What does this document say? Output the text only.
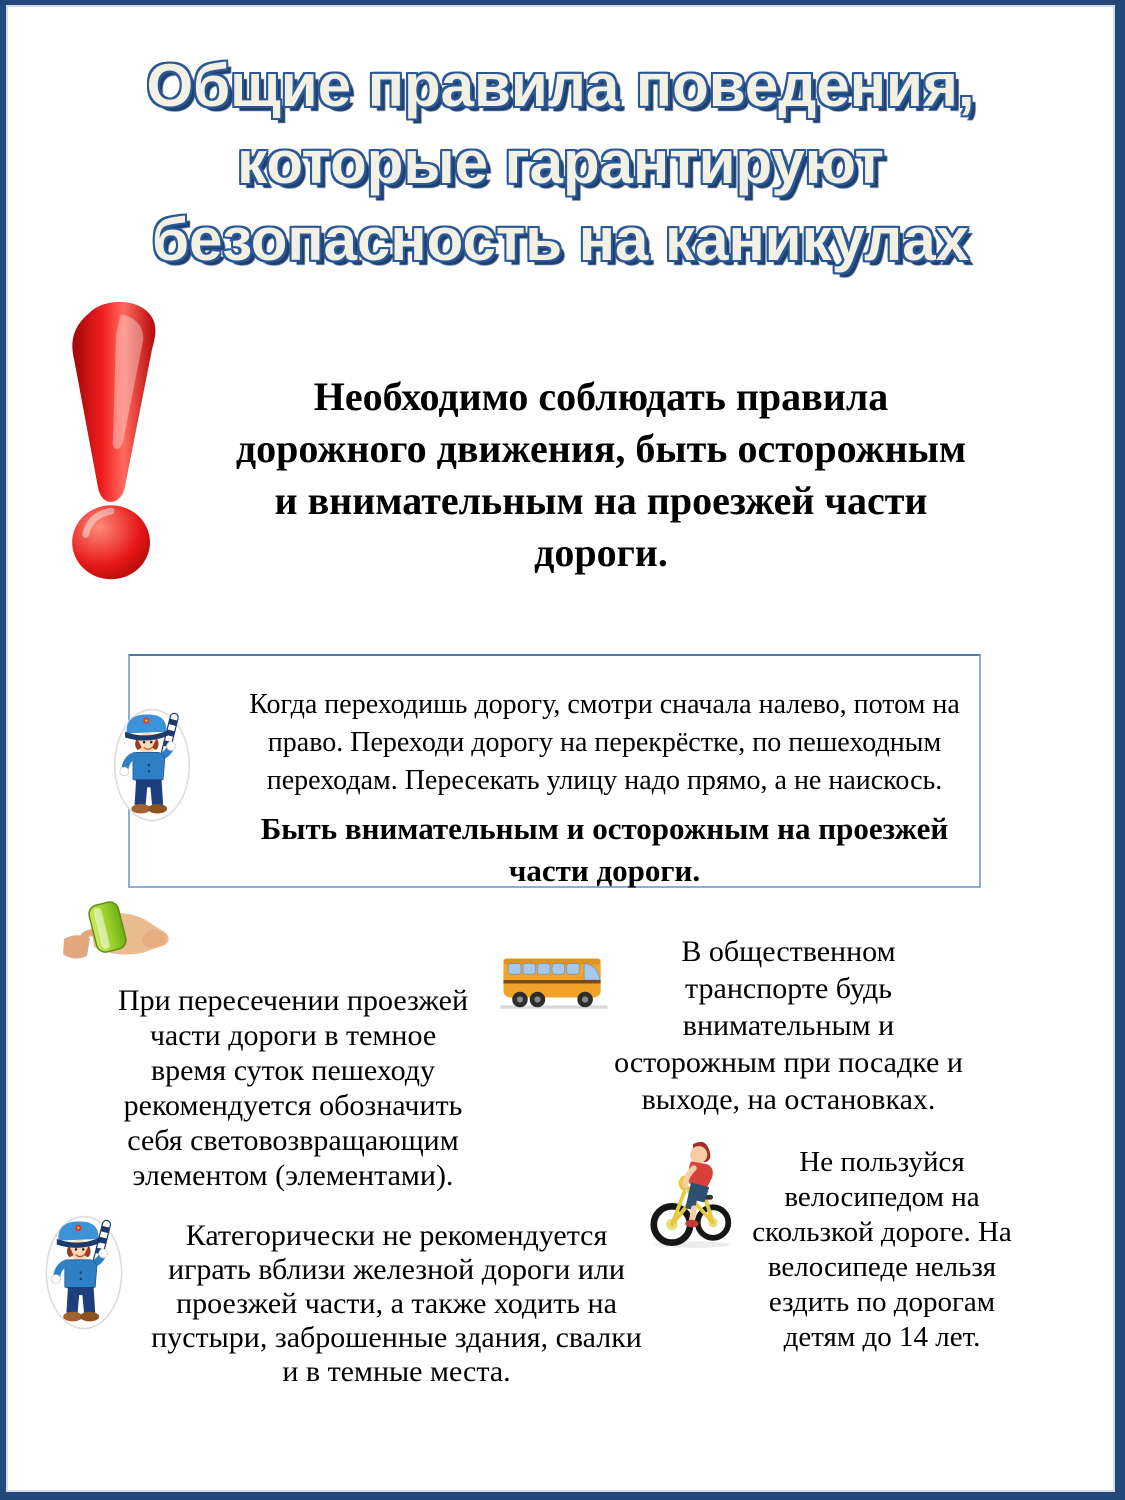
Общие правила поведения,
которые гарантируют
безопасность на каникулах
Необходимо соблюдать правила
дорожного движения, быть осторожным
и внимательным на проезжей части
дороги.
Когда переходишь дорогу, смотри сначала налево, потом на
право. Переходи дорогу на перекрёстке, по пешеходным
переходам. Пересекать улицу надо прямо, а не наискось.
Быть внимательным и осторожным на проезжей
части дороги.
При пересечении проезжей
части дороги в темное
время суток пешеходу
рекомендуется обозначить
себя световозвращающим
элементом (элементами).
В общественном
транспорте будь
внимательным и
осторожным при посадке и
выходе, на остановках.
Не пользуйся
велосипедом на
скользкой дороге. На
велосипеде нельзя
ездить по дорогам
детям до 14 лет.
Категорически не рекомендуется
играть вблизи железной дороги или
проезжей части, а также ходить на
пустыри, заброшенные здания, свалки
и в темные места.
